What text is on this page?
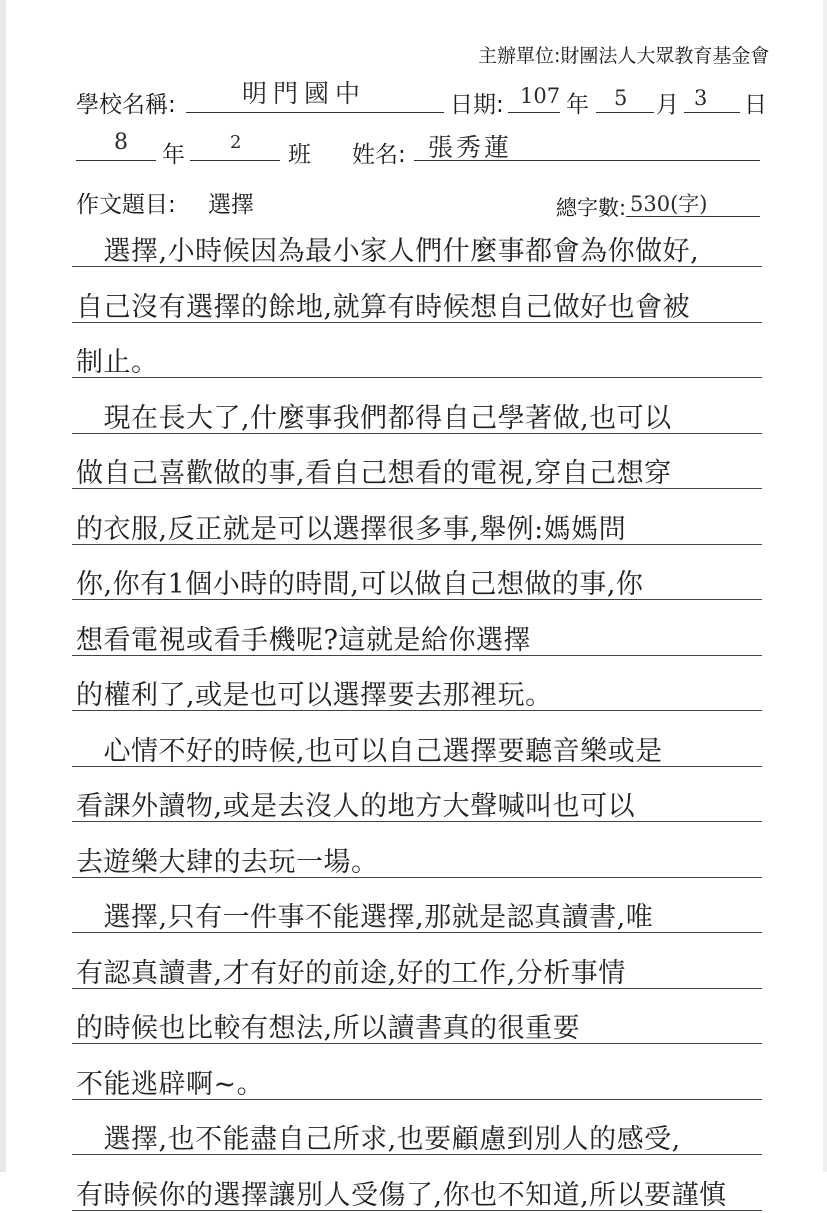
主辦單位:財團法人大眾教育基金會
學校名稱:	明門國中	日期: 107 年 5 月 3 日
8 年	2 班 姓名: 張秀蓮
作文題目: 選擇	總字數: 530(字)
　選擇,小時候因為最小家人們什麼事都會為你做好,
自己沒有選擇的餘地,就算有時候想自己做好也會被
制止。
　現在長大了,什麼事我們都得自己學著做,也可以
做自己喜歡做的事,看自己想看的電視,穿自己想穿
的衣服,反正就是可以選擇很多事,舉例:媽媽問
你,你有1個小時的時間,可以做自己想做的事,你
想看電視或看手機呢?這就是給你選擇
的權利了,或是也可以選擇要去那裡玩。
　心情不好的時候,也可以自己選擇要聽音樂或是
看課外讀物,或是去沒人的地方大聲喊叫也可以
去遊樂大肆的去玩一場。
　選擇,只有一件事不能選擇,那就是認真讀書,唯
有認真讀書,才有好的前途,好的工作,分析事情
的時候也比較有想法,所以讀書真的很重要
不能逃辟啊~。
　選擇,也不能盡自己所求,也要顧慮到別人的感受,
有時候你的選擇讓別人受傷了,你也不知道,所以要謹慎
